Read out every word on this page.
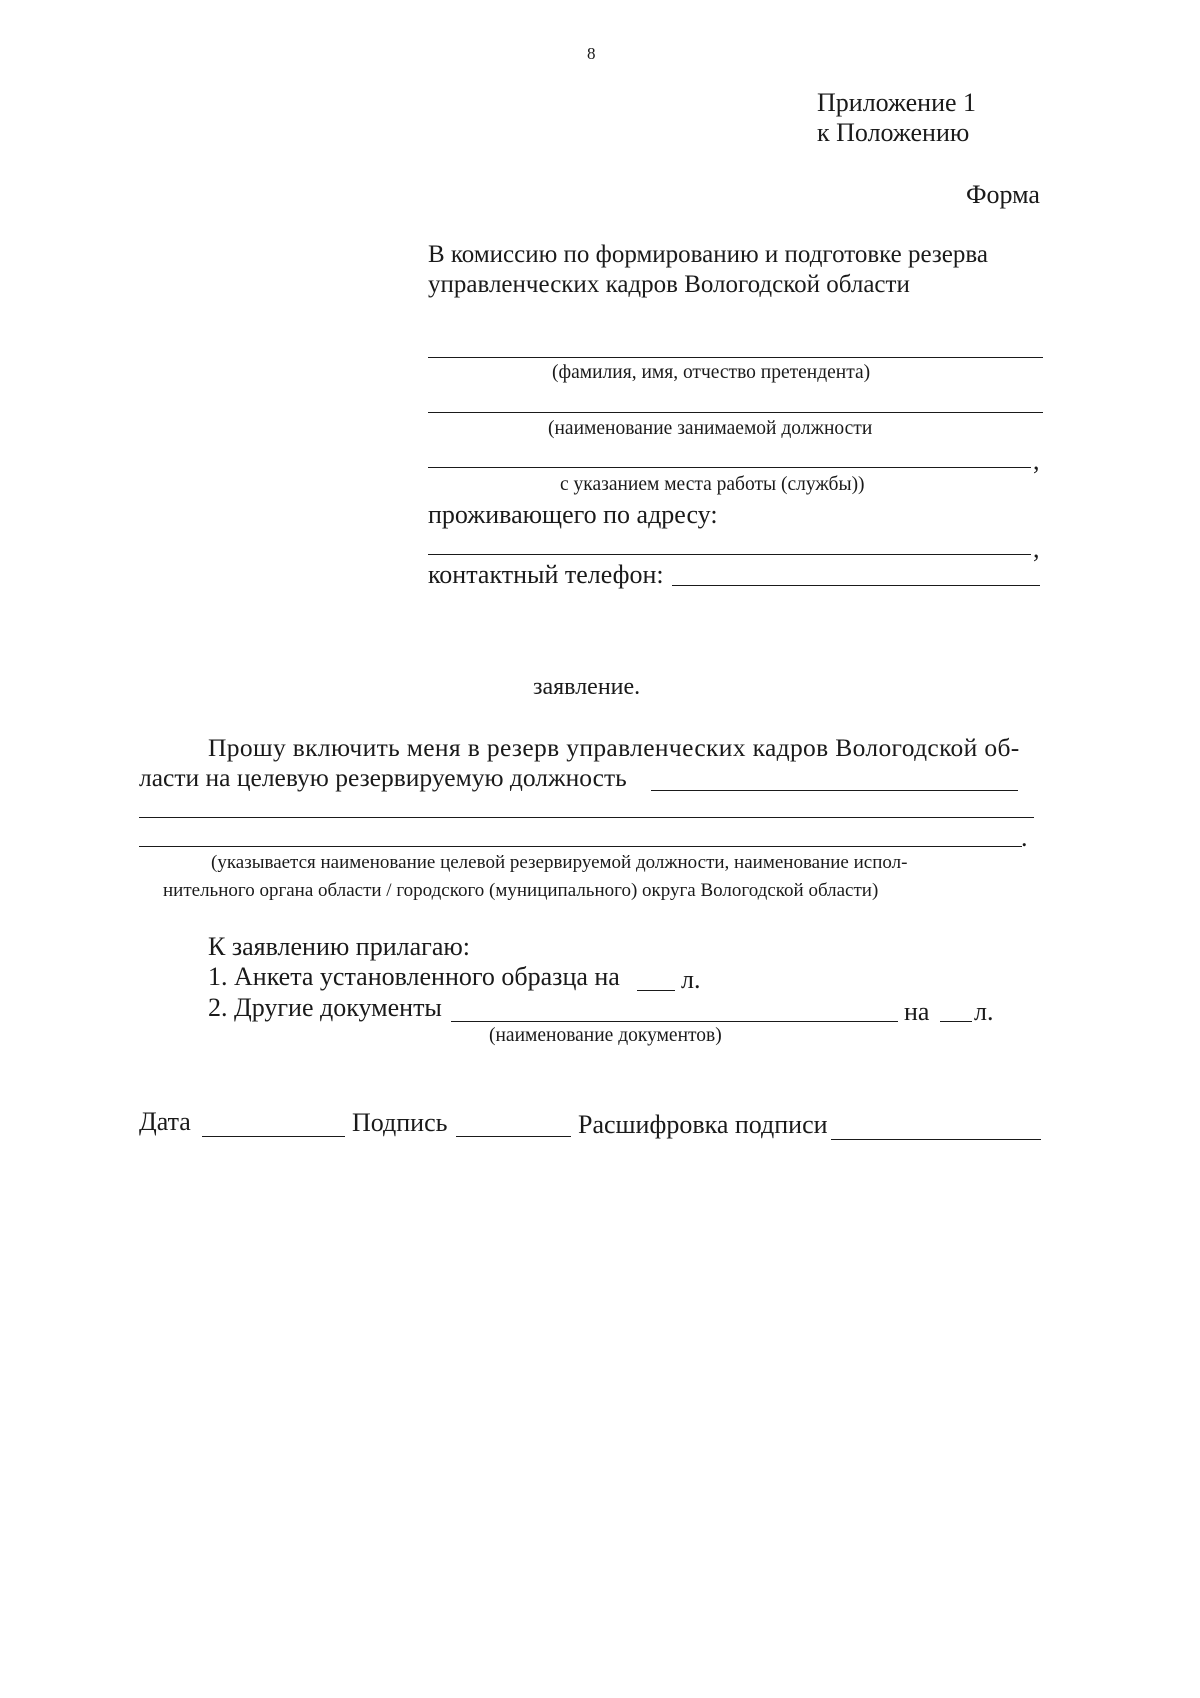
8
Приложение 1
к Положению
Форма
В комиссию по формированию и подготовке резерва
управленческих кадров Вологодской области
(фамилия, имя, отчество претендента)
(наименование занимаемой должности
,
с указанием места работы (службы))
проживающего по адресу:
,
контактный телефон:
заявление.
Прошу включить меня в резерв управленческих кадров Вологодской об-
ласти на целевую резервируемую должность
.
(указывается наименование целевой резервируемой должности, наименование испол-
нительного органа области / городского (муниципального) округа Вологодской области)
К заявлению прилагаю:
1. Анкета установленного образца на л.
2. Другие документы	на л.
(наименование документов)
Дата	Подпись	Расшифровка подписи
